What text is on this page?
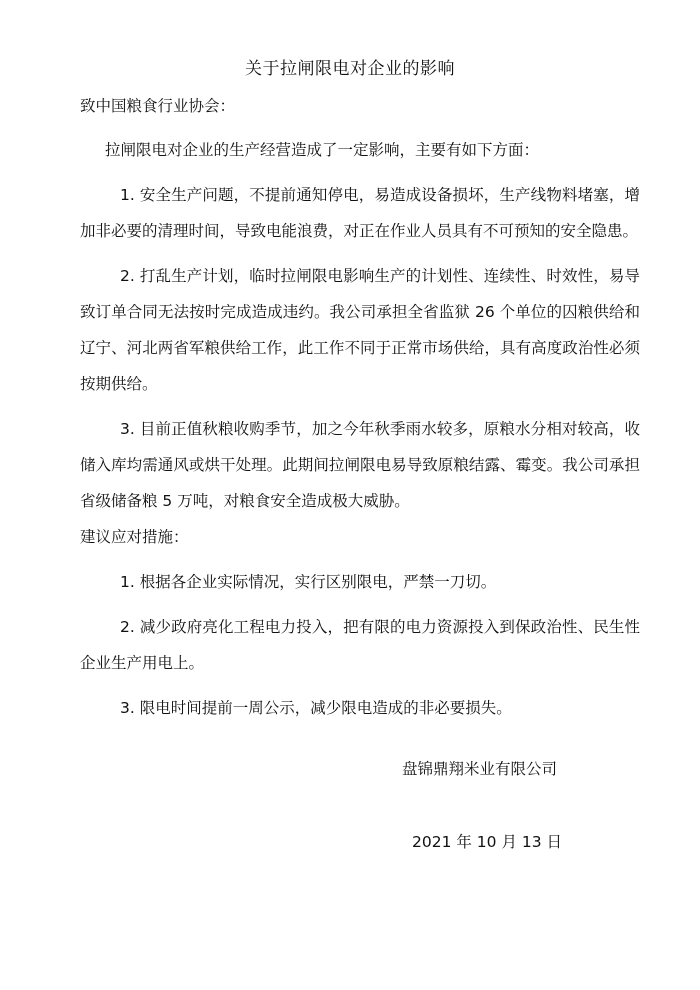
关于拉闸限电对企业的影响
致中国粮食行业协会：

拉闸限电对企业的生产经营造成了一定影响，主要有如下方面：

1. 安全生产问题，不提前通知停电，易造成设备损坏，生产线物料堵塞，增加非必要的清理时间，导致电能浪费，对正在作业人员具有不可预知的安全隐患。

2. 打乱生产计划，临时拉闸限电影响生产的计划性、连续性、时效性，易导致订单合同无法按时完成造成违约。我公司承担全省监狱 26 个单位的囚粮供给和辽宁、河北两省军粮供给工作，此工作不同于正常市场供给，具有高度政治性必须按期供给。

3. 目前正值秋粮收购季节，加之今年秋季雨水较多，原粮水分相对较高，收储入库均需通风或烘干处理。此期间拉闸限电易导致原粮结露、霉变。我公司承担省级储备粮 5 万吨，对粮食安全造成极大威胁。

建议应对措施：

1. 根据各企业实际情况，实行区别限电，严禁一刀切。

2. 减少政府亮化工程电力投入，把有限的电力资源投入到保政治性、民生性企业生产用电上。

3. 限电时间提前一周公示，减少限电造成的非必要损失。

盘锦鼎翔米业有限公司
2021 年 10 月 13 日
